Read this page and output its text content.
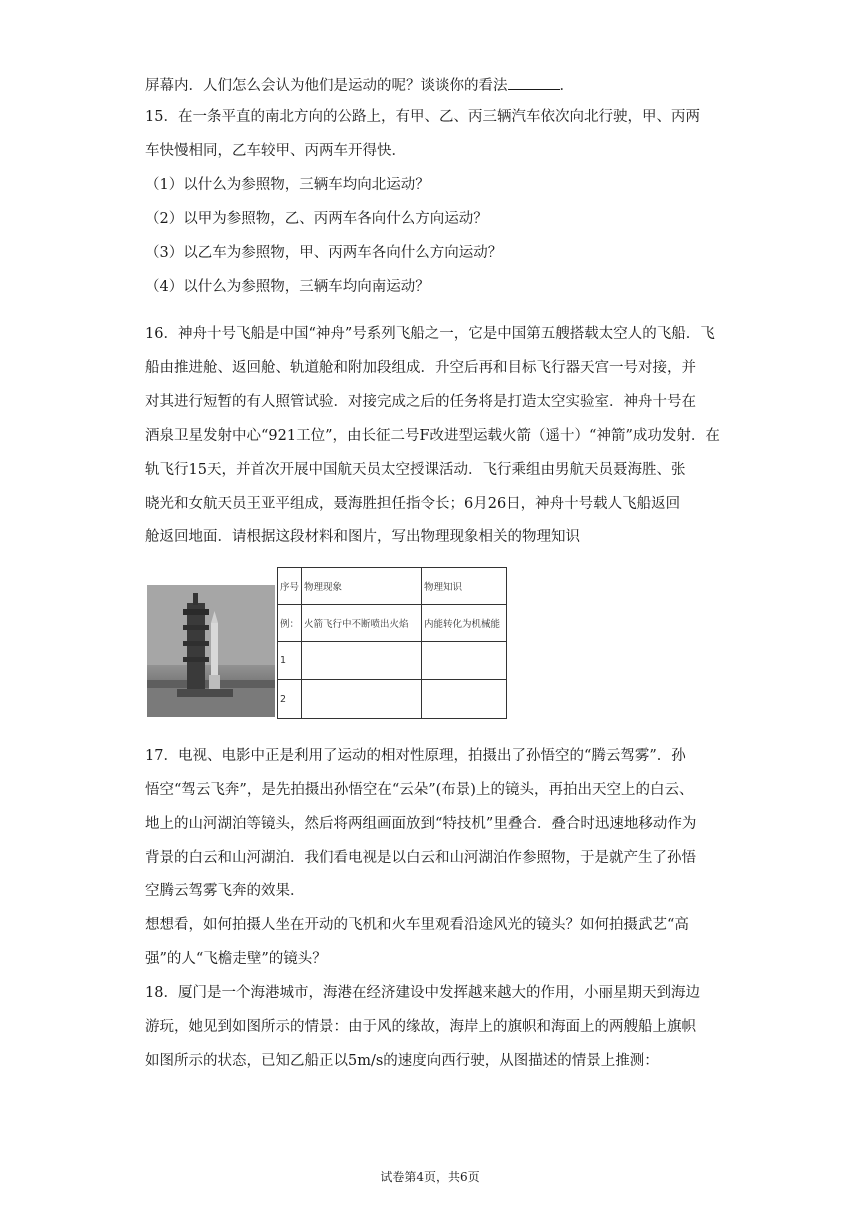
屏幕内．人们怎么会认为他们是运动的呢？谈谈你的看法	．
15．在一条平直的南北方向的公路上，有甲、乙、丙三辆汽车依次向北行驶，甲、丙两
车快慢相同，乙车较甲、丙两车开得快．
（1）以什么为参照物，三辆车均向北运动？
（2）以甲为参照物，乙、丙两车各向什么方向运动？
（3）以乙车为参照物，甲、丙两车各向什么方向运动？
（4）以什么为参照物，三辆车均向南运动？
16．神舟十号飞船是中国“神舟”号系列飞船之一，它是中国第五艘搭载太空人的飞船．飞
船由推进舱、返回舱、轨道舱和附加段组成．升空后再和目标飞行器天宫一号对接，并
对其进行短暂的有人照管试验．对接完成之后的任务将是打造太空实验室．神舟十号在
酒泉卫星发射中心“921工位”，由长征二号F改进型运载火箭（遥十）“神箭”成功发射．在
轨飞行15天，并首次开展中国航天员太空授课活动．飞行乘组由男航天员聂海胜、张
晓光和女航天员王亚平组成，聂海胜担任指令长；6月26日，神舟十号载人飞船返回
舱返回地面．请根据这段材料和图片，写出物理现象相关的物理知识
序号	物理现象	物理知识
例：	火箭飞行中不断喷出火焰	内能转化为机械能
1		
2		
17．电视、电影中正是利用了运动的相对性原理，拍摄出了孙悟空的“腾云驾雾”．孙
悟空“驾云飞奔”，是先拍摄出孙悟空在“云朵”(布景)上的镜头，再拍出天空上的白云、
地上的山河湖泊等镜头，然后将两组画面放到“特技机”里叠合．叠合时迅速地移动作为
背景的白云和山河湖泊．我们看电视是以白云和山河湖泊作参照物，于是就产生了孙悟
空腾云驾雾飞奔的效果．
想想看，如何拍摄人坐在开动的飞机和火车里观看沿途风光的镜头？如何拍摄武艺“高
强”的人“飞檐走壁”的镜头？
18．厦门是一个海港城市，海港在经济建设中发挥越来越大的作用，小丽星期天到海边
游玩，她见到如图所示的情景：由于风的缘故，海岸上的旗帜和海面上的两艘船上旗帜
如图所示的状态，已知乙船正以5m/s的速度向西行驶，从图描述的情景上推测：
试卷第4页，共6页
